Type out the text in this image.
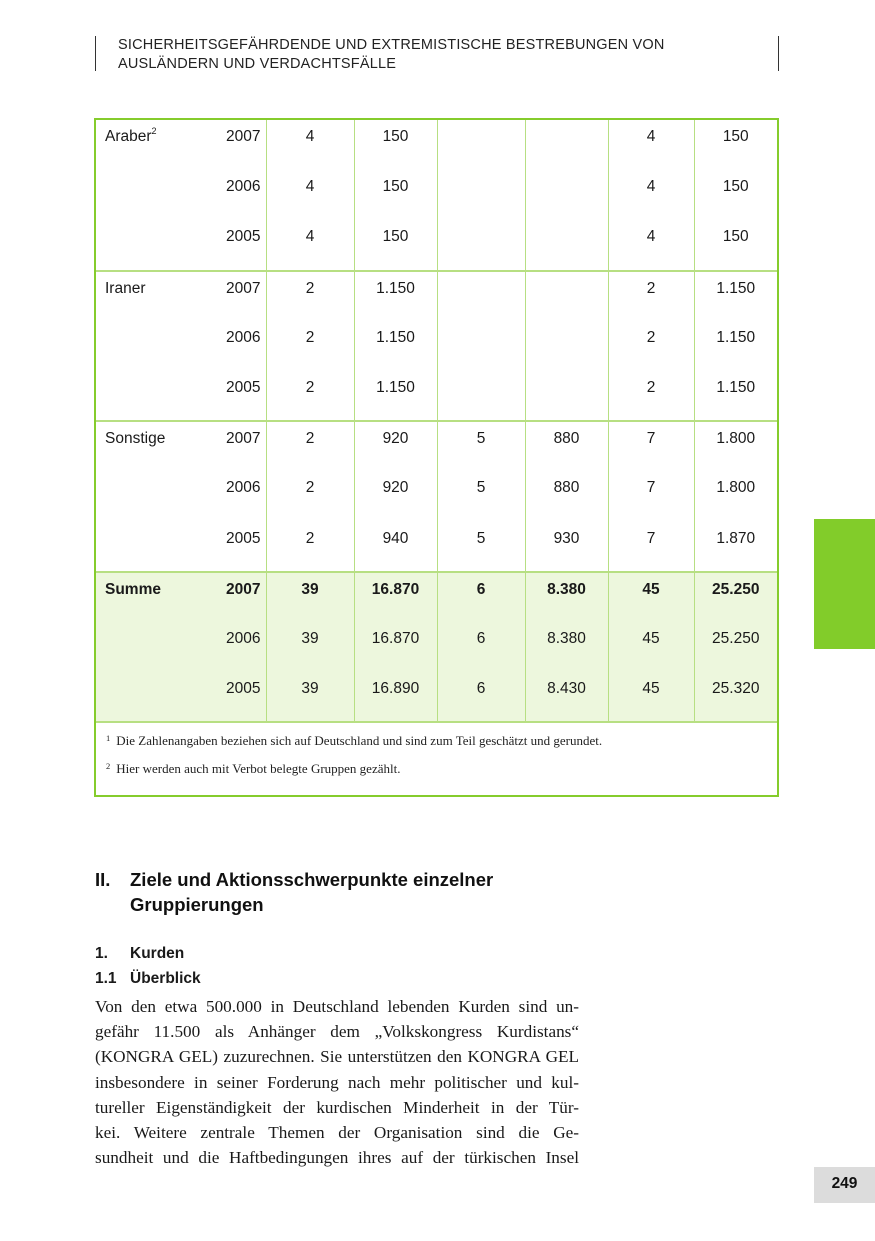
SICHERHEITSGEFÄHRDENDE UND EXTREMISTISCHE BESTREBUNGEN VON
AUSLÄNDERN UND VERDACHTSFÄLLE
Araber$^2$	2007	4	150			4	150
	2006	4	150			4	150
	2005	4	150			4	150
Iraner	2007	2	1.150			2	1.150
	2006	2	1.150			2	1.150
	2005	2	1.150			2	1.150
Sonstige	2007	2	920	5	880	7	1.800
	2006	2	920	5	880	7	1.800
	2005	2	940	5	930	7	1.870
Summe	2007	39	16.870	6	8.380	45	25.250
	2006	39	16.870	6	8.380	45	25.250
	2005	39	16.890	6	8.430	45	25.320
$^1$ Die Zahlenangaben beziehen sich auf Deutschland und sind zum Teil geschätzt und gerundet.
$^2$ Hier werden auch mit Verbot belegte Gruppen gezählt.
II. Ziele und Aktionsschwerpunkte einzelner Gruppierungen
1. Kurden
1.1 Überblick
Von den etwa 500.000 in Deutschland lebenden Kurden sind un-
gefähr 11.500 als Anhänger dem „Volkskongress Kurdistans“
(KONGRA GEL) zuzurechnen. Sie unterstützen den KONGRA GEL
insbesondere in seiner Forderung nach mehr politischer und kul-
tureller Eigenständigkeit der kurdischen Minderheit in der Tür-
kei. Weitere zentrale Themen der Organisation sind die Ge-
sundheit und die Haftbedingungen ihres auf der türkischen Insel
249
